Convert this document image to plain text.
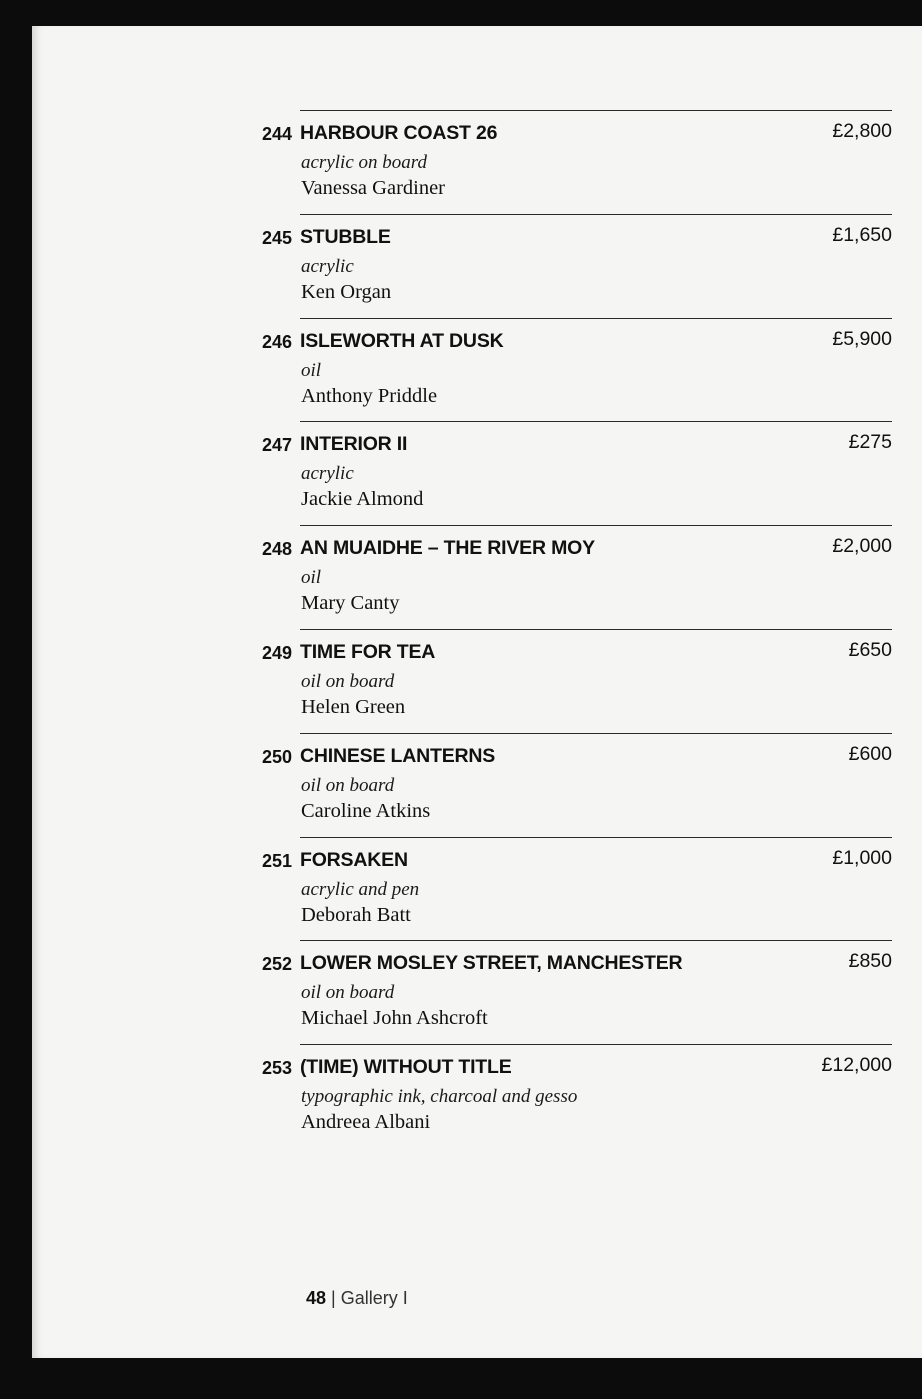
244 HARBOUR COAST 26
acrylic on board
Vanessa Gardiner
£2,800
245 STUBBLE
acrylic
Ken Organ
£1,650
246 ISLEWORTH AT DUSK
oil
Anthony Priddle
£5,900
247 INTERIOR II
acrylic
Jackie Almond
£275
248 AN MUAIDHE – THE RIVER MOY
oil
Mary Canty
£2,000
249 TIME FOR TEA
oil on board
Helen Green
£650
250 CHINESE LANTERNS
oil on board
Caroline Atkins
£600
251 FORSAKEN
acrylic and pen
Deborah Batt
£1,000
252 LOWER MOSLEY STREET, MANCHESTER
oil on board
Michael John Ashcroft
£850
253 (TIME) WITHOUT TITLE
typographic ink, charcoal and gesso
Andreea Albani
£12,000
48 | Gallery I
